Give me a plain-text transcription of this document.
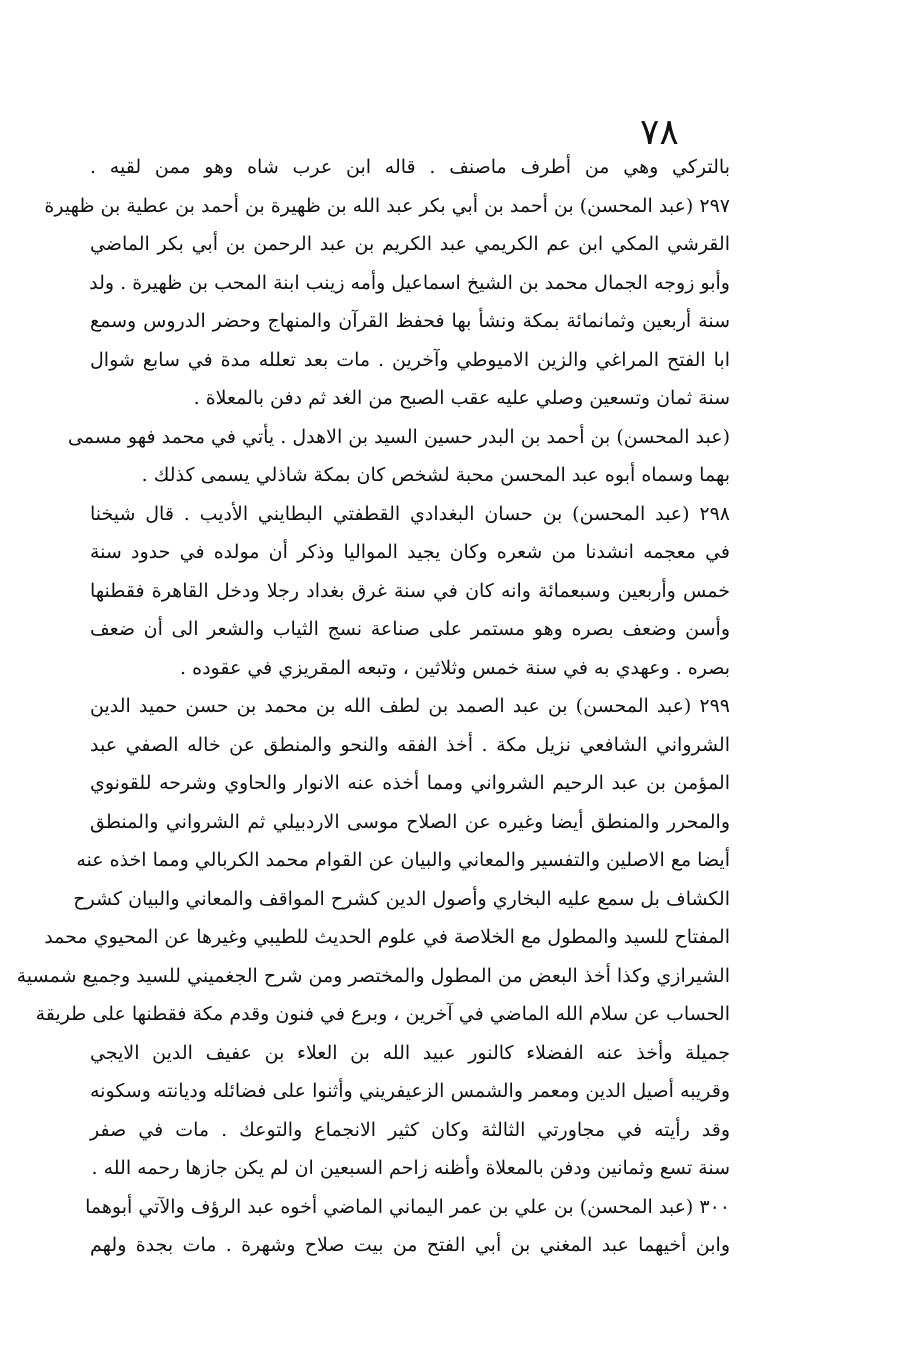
٧٨
بالتركي وهي من أطرف ماصنف . قاله ابن عرب شاه وهو ممن لقيه .
٢٩٧ (عبد المحسن) بن أحمد بن أبي بكر عبد الله بن ظهيرة بن أحمد بن عطية بن ظهيرة
القرشي المكي ابن عم الكريمي عبد الكريم بن عبد الرحمن بن أبي بكر الماضي
وأبو زوجه الجمال محمد بن الشيخ اسماعيل وأمه زينب ابنة المحب بن ظهيرة . ولد
سنة أربعين وثمانمائة بمكة ونشأ بها فحفظ القرآن والمنهاج وحضر الدروس وسمع
ابا الفتح المراغي والزين الاميوطي وآخرين . مات بعد تعلله مدة في سابع شوال
سنة ثمان وتسعين وصلي عليه عقب الصبح من الغد ثم دفن بالمعلاة .
(عبد المحسن) بن أحمد بن البدر حسين السيد بن الاهدل . يأتي في محمد فهو مسمى
بهما وسماه أبوه عبد المحسن محبة لشخص كان بمكة شاذلي يسمى كذلك .
٢٩٨ (عبد المحسن) بن حسان البغدادي القطفتي البطايني الأديب . قال شيخنا
في معجمه انشدنا من شعره وكان يجيد المواليا وذكر أن مولده في حدود سنة
خمس وأربعين وسبعمائة وانه كان في سنة غرق بغداد رجلا ودخل القاهرة فقطنها
وأسن وضعف بصره وهو مستمر على صناعة نسج الثياب والشعر الى أن ضعف
بصره . وعهدي به في سنة خمس وثلاثين ، وتبعه المقريزي في عقوده .
٢٩٩ (عبد المحسن) بن عبد الصمد بن لطف الله بن محمد بن حسن حميد الدين
الشرواني الشافعي نزيل مكة . أخذ الفقه والنحو والمنطق عن خاله الصفي عبد
المؤمن بن عبد الرحيم الشرواني ومما أخذه عنه الانوار والحاوي وشرحه للقونوي
والمحرر والمنطق أيضا وغيره عن الصلاح موسى الاردبيلي ثم الشرواني والمنطق
أيضا مع الاصلين والتفسير والمعاني والبيان عن القوام محمد الكربالي ومما اخذه عنه
الكشاف بل سمع عليه البخاري وأصول الدين كشرح المواقف والمعاني والبيان كشرح
المفتاح للسيد والمطول مع الخلاصة في علوم الحديث للطيبي وغيرها عن المحيوي محمد
الشيرازي وكذا أخذ البعض من المطول والمختصر ومن شرح الجغميني للسيد وجميع شمسية
الحساب عن سلام الله الماضي في آخرين ، وبرع في فنون وقدم مكة فقطنها على طريقة
جميلة وأخذ عنه الفضلاء كالنور عبيد الله بن العلاء بن عفيف الدين الايجي
وقريبه أصيل الدين ومعمر والشمس الزعيفريني وأثنوا على فضائله وديانته وسكونه
وقد رأيته في مجاورتي الثالثة وكان كثير الانجماع والتوعك . مات في صفر
سنة تسع وثمانين ودفن بالمعلاة وأظنه زاحم السبعين ان لم يكن جازها رحمه الله .
٣٠٠ (عبد المحسن) بن علي بن عمر اليماني الماضي أخوه عبد الرؤف والآتي أبوهما
وابن أخيهما عبد المغني بن أبي الفتح من بيت صلاح وشهرة . مات بجدة ولهم
